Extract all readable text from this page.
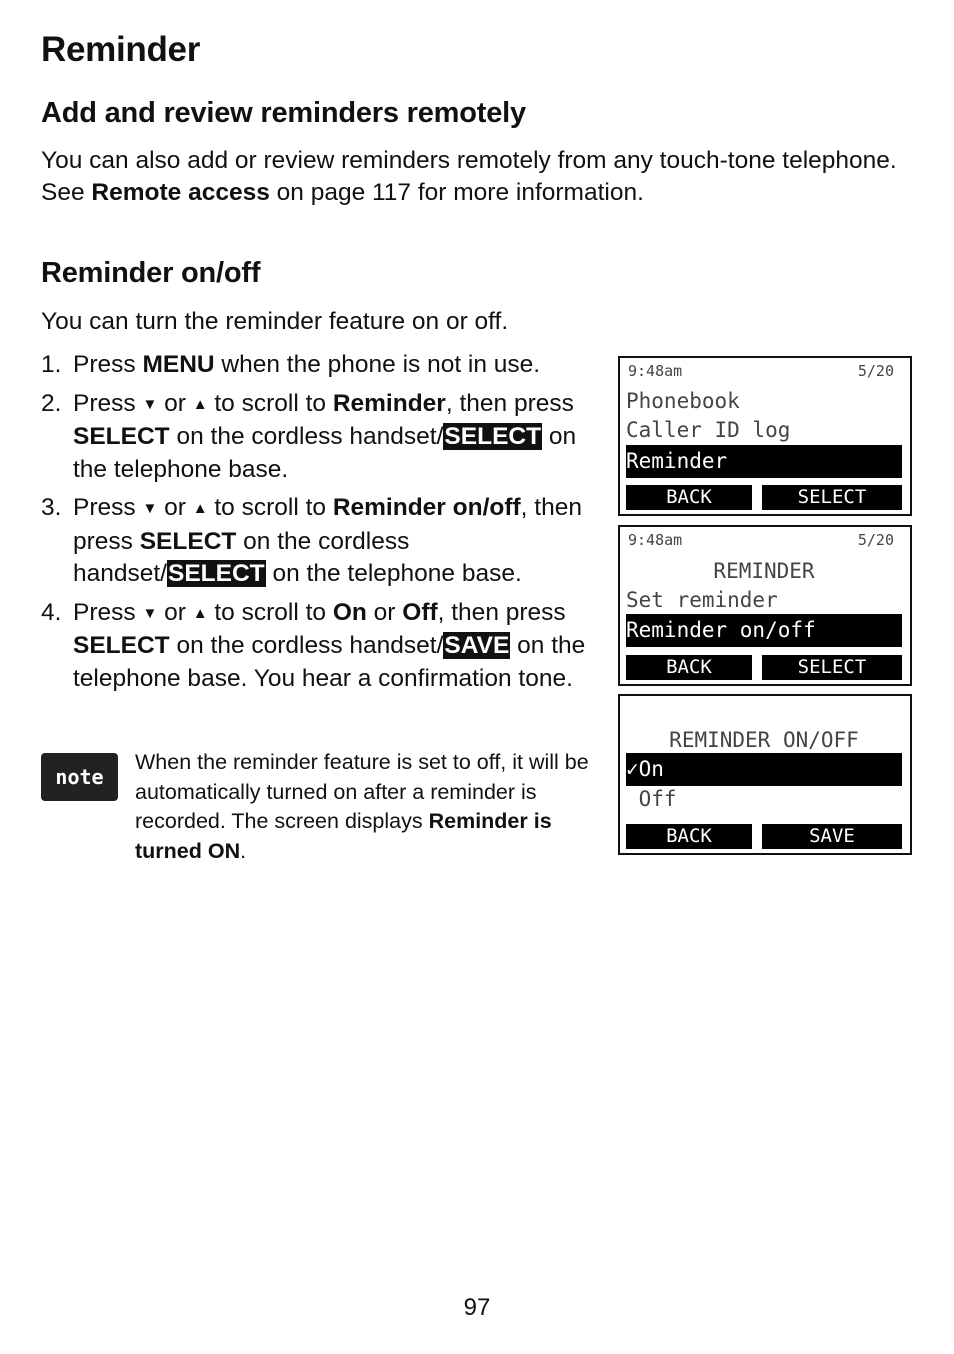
Reminder
Add and review reminders remotely

You can also add or review reminders remotely from any touch-tone telephone. See Remote access on page 117 for more information.

Reminder on/off

You can turn the reminder feature on or off.

1. Press MENU when the phone is not in use.
2. Press ▼ or ▲ to scroll to Reminder, then press SELECT on the cordless handset/SELECT on the telephone base.
3. Press ▼ or ▲ to scroll to Reminder on/off, then press SELECT on the cordless handset/SELECT on the telephone base.
4. Press ▼ or ▲ to scroll to On or Off, then press SELECT on the cordless handset/SAVE on the telephone base. You hear a confirmation tone.
note

When the reminder feature is set to off, it will be automatically turned on after a reminder is recorded. The screen displays Reminder is turned ON.

9:48am	5/20
Phonebook
Caller ID log
Reminder
BACK	SELECT
9:48am	5/20
REMINDER
Set reminder
Reminder on/off
BACK	SELECT
REMINDER ON/OFF
✓On
Off
BACK	SAVE
97
